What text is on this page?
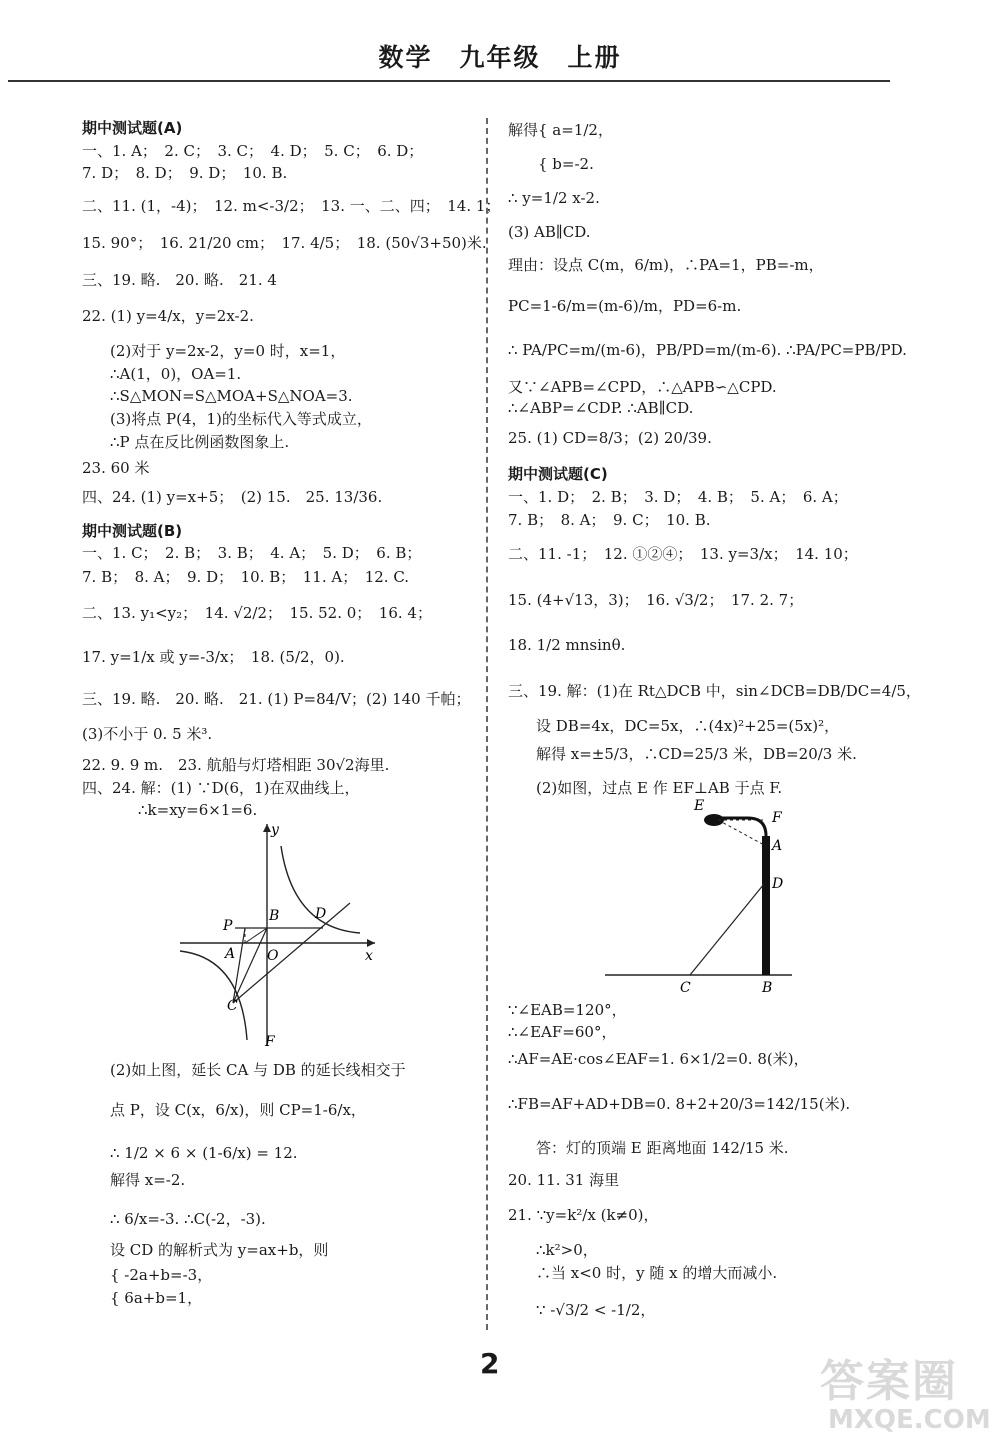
数学　九年级　上册
期中测试题(A)
一、1. A；　2. C；　3. C；　4. D；　5. C；　6. D；
7. D；　8. D；　9. D；　10. B.
二、11. (1，-4)；　12. m<-3/2；　13. 一、二、四；　14. 1；
15. 90°；　16. 21/20 cm；　17. 4/5；　18. (50√3+50)米.
三、19. 略.　20. 略.　21. 4
22. (1) y=4/x，y=2x-2.
(2)对于 y=2x-2，y=0 时，x=1，
∴A(1，0)，OA=1.
∴S△MON=S△MOA+S△NOA=3.
(3)将点 P(4，1)的坐标代入等式成立，
∴P 点在反比例函数图象上.
23. 60 米
四、24. (1) y=x+5；　(2) 15.　25. 13/36.
期中测试题(B)
一、1. C；　2. B；　3. B；　4. A；　5. D；　6. B；
7. B；　8. A；　9. D；　10. B；　11. A；　12. C.
二、13. y₁<y₂；　14. √2/2；　15. 52. 0；　16. 4；
17. y=1/x 或 y=-3/x；　18. (5/2，0).
三、19. 略.　20. 略.　21. (1) P=84/V；(2) 140 千帕；
(3)不小于 0. 5 米³.
22. 9. 9 m.　23. 航船与灯塔相距 30√2海里.
四、24. 解：(1) ∵D(6，1)在双曲线上，
∴k=xy=6×1=6.
(2)如上图，延长 CA 与 DB 的延长线相交于
点 P，设 C(x，6/x)，则 CP=1-6/x，
∴ 1/2 × 6 × (1-6/x) = 12.
解得 x=-2.
∴ 6/x=-3. ∴C(-2，-3).
设 CD 的解析式为 y=ax+b，则
{ -2a+b=-3，
{ 6a+b=1，
解得{ a=1/2，
　　{ b=-2.
∴ y=1/2 x-2.
(3) AB∥CD.
理由：设点 C(m，6/m)，∴PA=1，PB=-m，
PC=1-6/m=(m-6)/m，PD=6-m.
∴ PA/PC=m/(m-6)，PB/PD=m/(m-6). ∴PA/PC=PB/PD.
又∵∠APB=∠CPD，∴△APB∽△CPD.
∴∠ABP=∠CDP. ∴AB∥CD.
25. (1) CD=8/3；(2) 20/39.
期中测试题(C)
一、1. D；　2. B；　3. D；　4. B；　5. A；　6. A；
7. B；　8. A；　9. C；　10. B.
二、11. -1；　12. ①②④；　13. y=3/x；　14. 10；
15. (4+√13，3)；　16. √3/2；　17. 2. 7；
18. 1/2 mnsinθ.
三、19. 解：(1)在 Rt△DCB 中，sin∠DCB=DB/DC=4/5，
设 DB=4x，DC=5x，∴(4x)²+25=(5x)²，
解得 x=±5/3，∴CD=25/3 米，DB=20/3 米.
(2)如图，过点 E 作 EF⊥AB 于点 F.
∵∠EAB=120°，
∴∠EAF=60°，
∴AF=AE·cos∠EAF=1. 6×1/2=0. 8(米)，
∴FB=AF+AD+DB=0. 8+2+20/3=142/15(米).
答：灯的顶端 E 距离地面 142/15 米.
20. 11. 31 海里
21. ∵y=k²/x (k≠0)，
∴k²>0，
∴当 x<0 时，y 随 x 的增大而减小.
∵ -√3/2 < -1/2，
y
x
P
B	D
A O
C
F
E
F
A
D
C	B
2	答案圈
MXQE.COM
